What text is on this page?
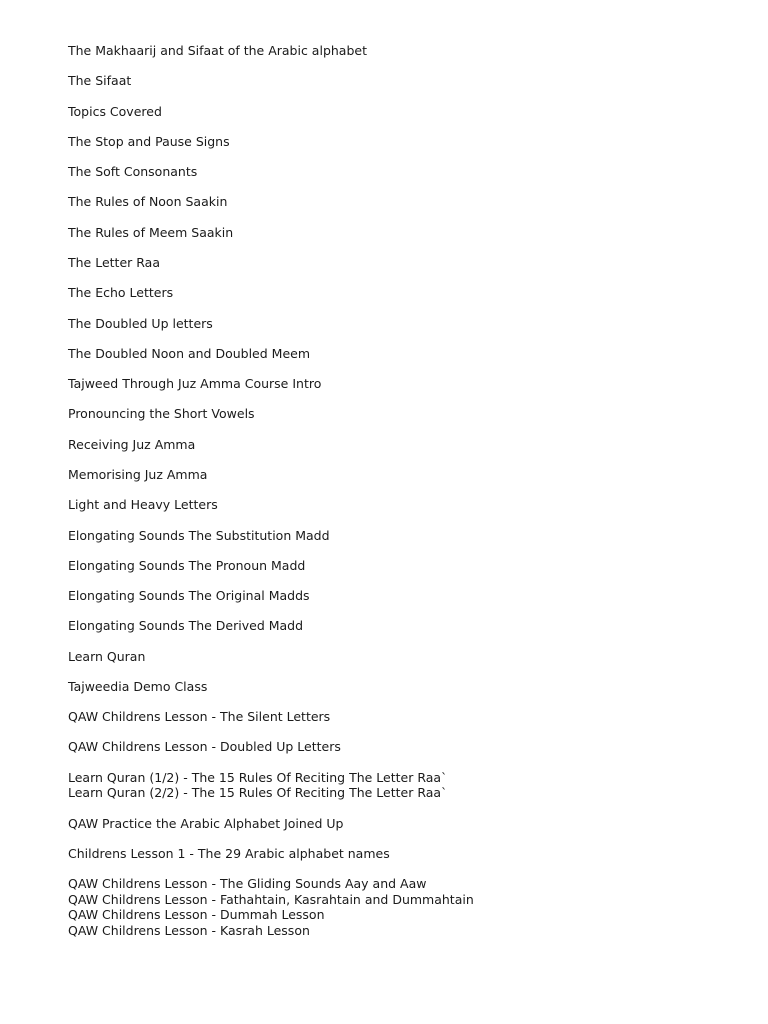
The Makhaarij and Sifaat of the Arabic alphabet
The Sifaat
Topics Covered
The Stop and Pause Signs
The Soft Consonants
The Rules of Noon Saakin
The Rules of Meem Saakin
The Letter Raa
The Echo Letters
The Doubled Up letters
The Doubled Noon and Doubled Meem
Tajweed Through Juz Amma Course Intro
Pronouncing the Short Vowels
Receiving Juz Amma
Memorising Juz Amma
Light and Heavy Letters
Elongating Sounds The Substitution Madd
Elongating Sounds The Pronoun Madd
Elongating Sounds The Original Madds
Elongating Sounds The Derived Madd
Learn Quran
Tajweedia Demo Class
QAW Childrens Lesson - The Silent Letters
QAW Childrens Lesson - Doubled Up Letters
Learn Quran (1/2) - The 15 Rules Of Reciting The Letter Raa`
Learn Quran (2/2) - The 15 Rules Of Reciting The Letter Raa`
QAW Practice the Arabic Alphabet Joined Up
Childrens Lesson 1 - The 29 Arabic alphabet names
QAW Childrens Lesson - The Gliding Sounds Aay and Aaw
QAW Childrens Lesson - Fathahtain, Kasrahtain and Dummahtain
QAW Childrens Lesson - Dummah Lesson
QAW Childrens Lesson - Kasrah Lesson
